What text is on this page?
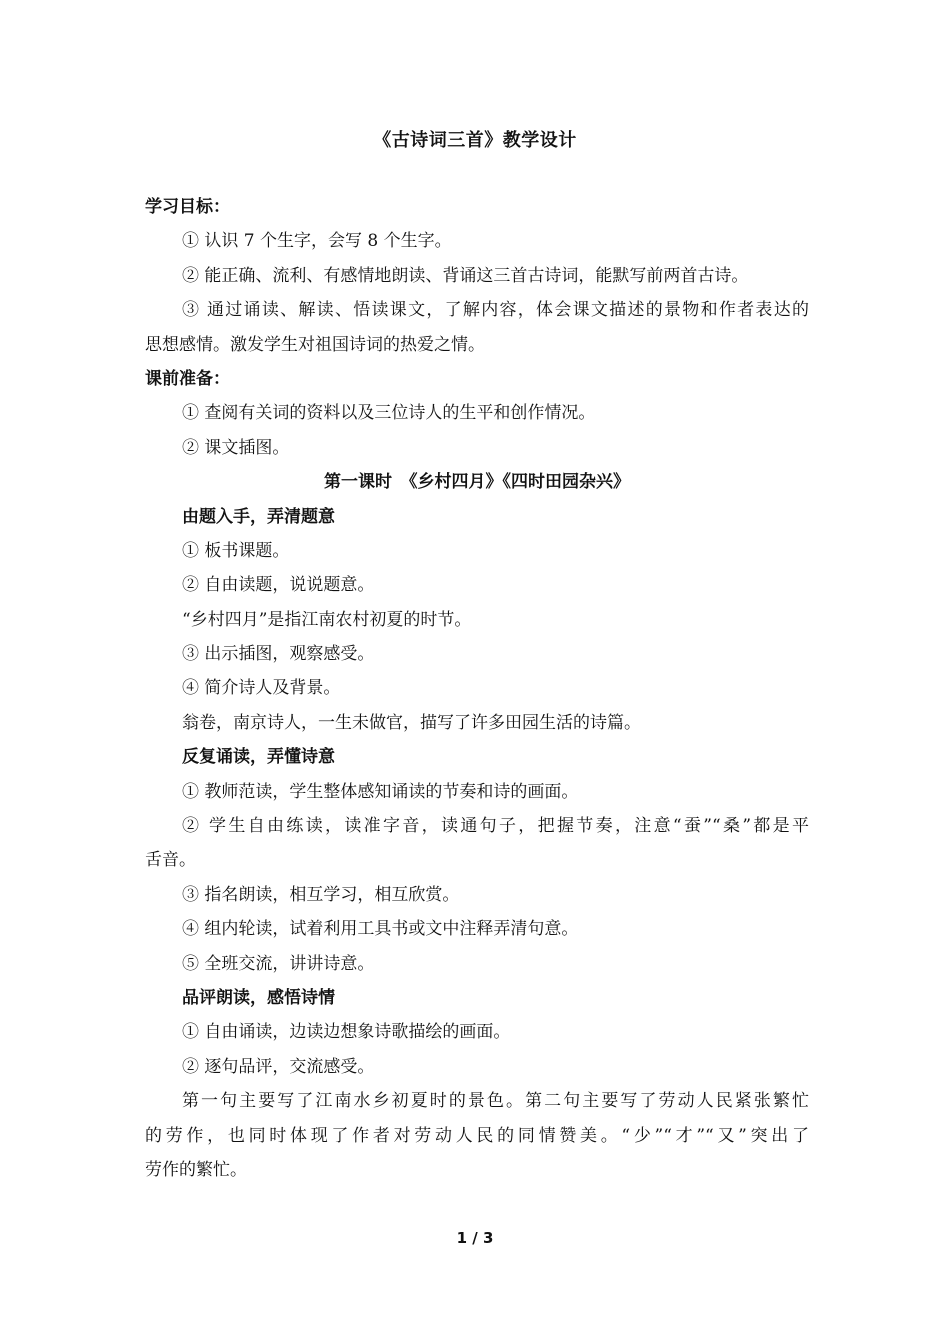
《古诗词三首》教学设计
学习目标：
① 认识 7 个生字，会写 8 个生字。
② 能正确、流利、有感情地朗读、背诵这三首古诗词，能默写前两首古诗。
③ 通过诵读、解读、悟读课文，了解内容，体会课文描述的景物和作者表达的
思想感情。激发学生对祖国诗词的热爱之情。
课前准备：
① 查阅有关词的资料以及三位诗人的生平和创作情况。
② 课文插图。
第一课时　《乡村四月》《四时田园杂兴》
由题入手，弄清题意
① 板书课题。
② 自由读题，说说题意。
“乡村四月”是指江南农村初夏的时节。
③ 出示插图，观察感受。
④ 简介诗人及背景。
翁卷，南京诗人，一生未做官，描写了许多田园生活的诗篇。
反复诵读，弄懂诗意
① 教师范读，学生整体感知诵读的节奏和诗的画面。
② 学生自由练读，读准字音，读通句子，把握节奏，注意“蚕”“桑”都是平
舌音。
③ 指名朗读，相互学习，相互欣赏。
④ 组内轮读，试着利用工具书或文中注释弄清句意。
⑤ 全班交流，讲讲诗意。
品评朗读，感悟诗情
① 自由诵读，边读边想象诗歌描绘的画面。
② 逐句品评，交流感受。
第一句主要写了江南水乡初夏时的景色。第二句主要写了劳动人民紧张繁忙
的劳作，也同时体现了作者对劳动人民的同情赞美。“少”“才”“又”突出了
劳作的繁忙。
1 / 3
